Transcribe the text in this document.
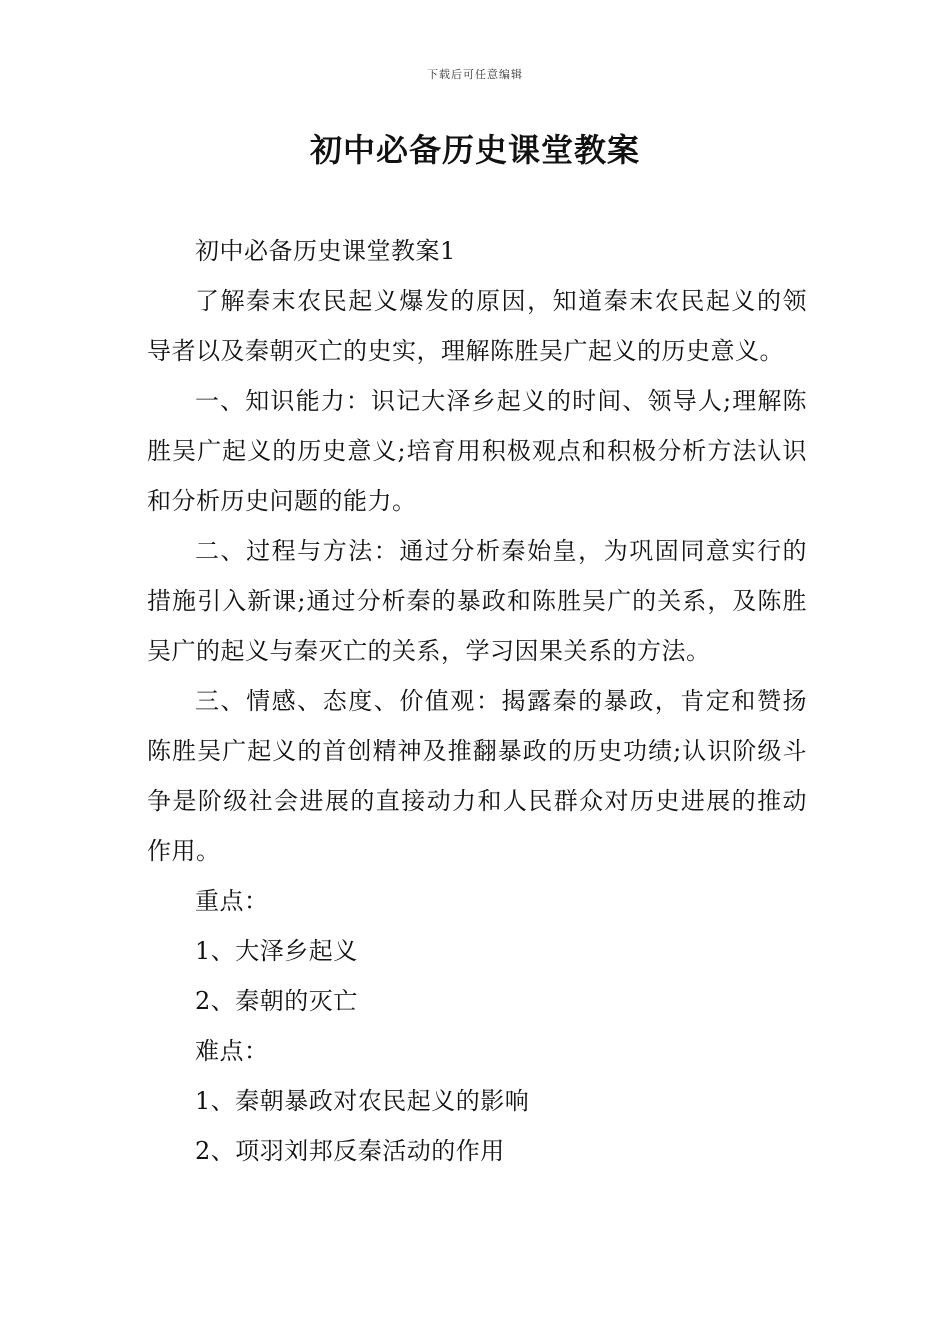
下载后可任意编辑
初中必备历史课堂教案

初中必备历史课堂教案1

了解秦末农民起义爆发的原因，知道秦末农民起义的领导者以及秦朝灭亡的史实，理解陈胜吴广起义的历史意义。

一、知识能力：识记大泽乡起义的时间、领导人;理解陈胜吴广起义的历史意义;培育用积极观点和积极分析方法认识和分析历史问题的能力。

二、过程与方法：通过分析秦始皇，为巩固同意实行的措施引入新课;通过分析秦的暴政和陈胜吴广的关系，及陈胜吴广的起义与秦灭亡的关系，学习因果关系的方法。

三、情感、态度、价值观：揭露秦的暴政，肯定和赞扬陈胜吴广起义的首创精神及推翻暴政的历史功绩;认识阶级斗争是阶级社会进展的直接动力和人民群众对历史进展的推动作用。

重点：

1、大泽乡起义

2、秦朝的灭亡

难点：

1、秦朝暴政对农民起义的影响

2、项羽刘邦反秦活动的作用
